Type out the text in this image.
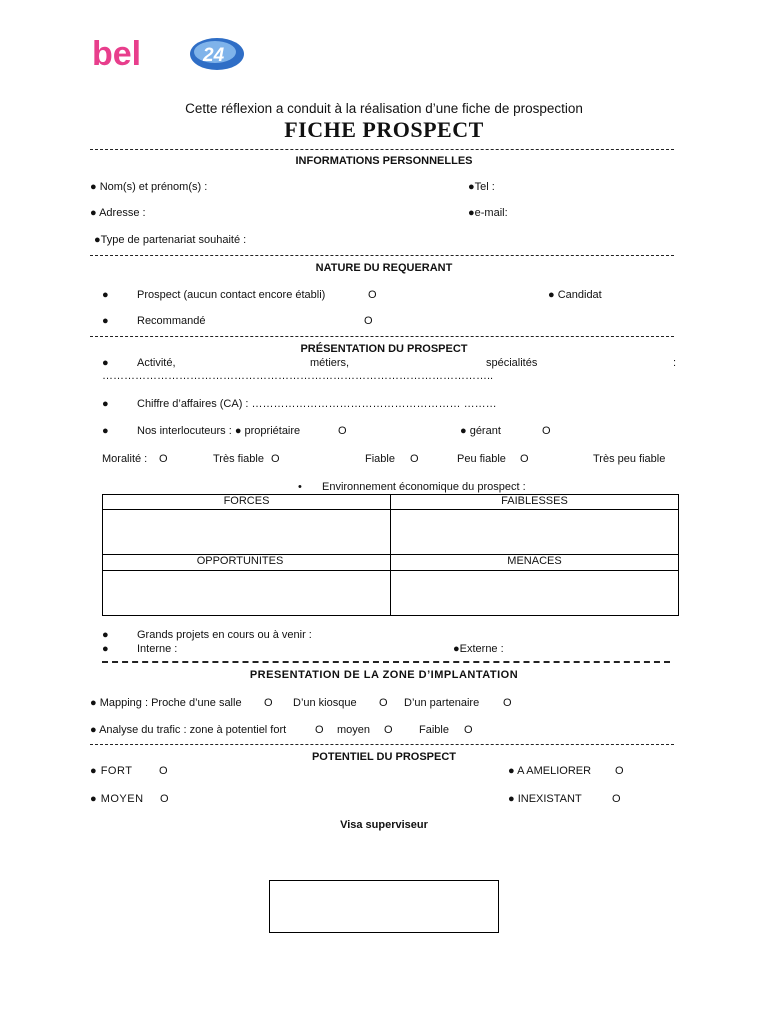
bel	24
Cette réflexion a conduit à la réalisation d’une fiche de prospection
FICHE PROSPECT
INFORMATIONS PERSONNELLES
● Nom(s) et prénom(s) :	●Tel :
● Adresse :	●e-mail:
●Type de partenariat souhaité :
NATURE DU REQUERANT
●	Prospect (aucun contact encore établi)	O	● Candidat
●	Recommandé	O
PRÉSENTATION DU PROSPECT
●	Activité,	métiers,	spécialités	:
……………………………………………………………………………………………..
●	Chiffre d’affaires (CA) : ………………………………………………… ………
●	Nos interlocuteurs : ● propriétaire	O	● gérant	O
Moralité : O	Très fiable O	Fiable O	Peu fiable O	Très peu fiable
• Environnement économique du prospect :
FORCES	FAIBLESSES
OPPORTUNITES	MENACES
●	Grands projets en cours ou à venir :
●	Interne :	●Externe :
PRESENTATION DE LA ZONE D’IMPLANTATION
● Mapping : Proche d’une salle O D’un kiosque O D’un partenaire O
● Analyse du trafic : zone à potentiel fort	O moyen O Faible O
POTENTIEL DU PROSPECT
● FORT O	● A AMELIORER O
● MOYEN O	● INEXISTANT	O
Visa superviseur
